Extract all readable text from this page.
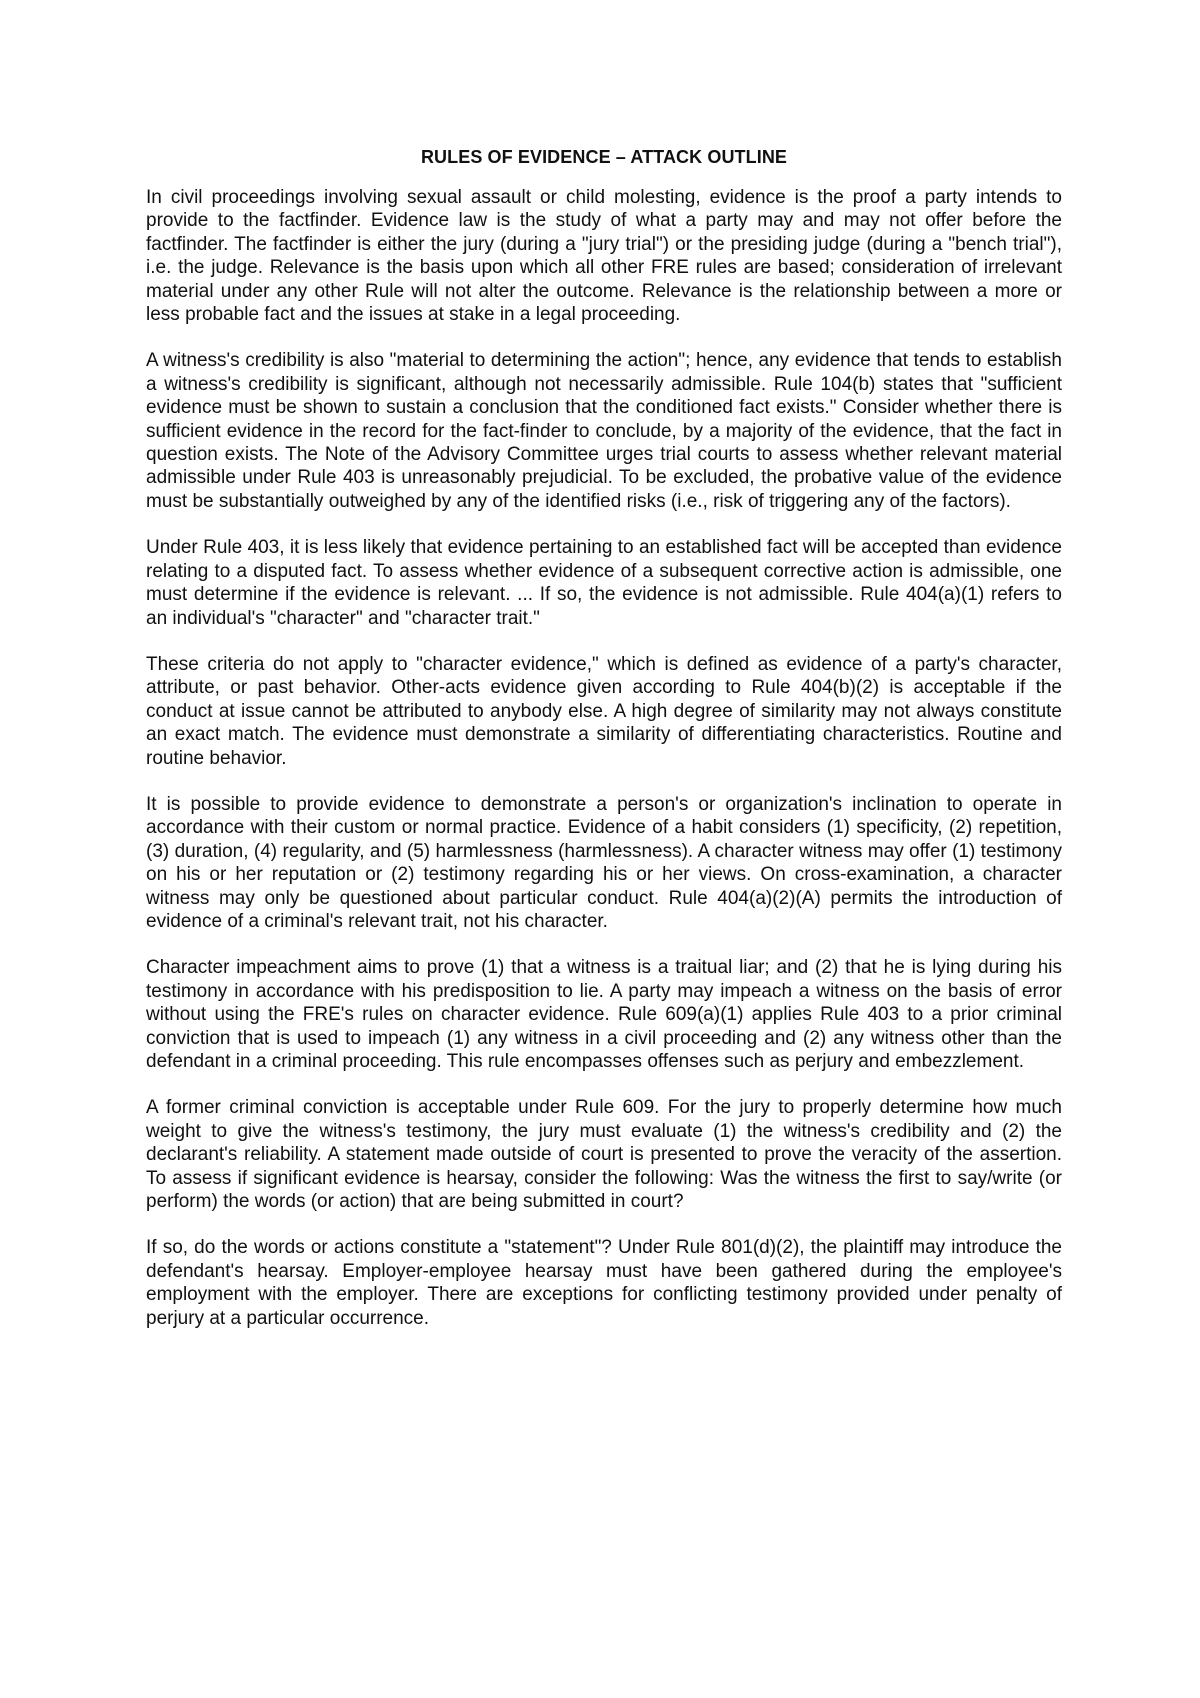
RULES OF EVIDENCE – ATTACK OUTLINE

In civil proceedings involving sexual assault or child molesting, evidence is the proof a party intends to provide to the factfinder. Evidence law is the study of what a party may and may not offer before the factfinder. The factfinder is either the jury (during a "jury trial") or the presiding judge (during a "bench trial"), i.e. the judge. Relevance is the basis upon which all other FRE rules are based; consideration of irrelevant material under any other Rule will not alter the outcome. Relevance is the relationship between a more or less probable fact and the issues at stake in a legal proceeding.

A witness's credibility is also "material to determining the action"; hence, any evidence that tends to establish a witness's credibility is significant, although not necessarily admissible. Rule 104(b) states that "sufficient evidence must be shown to sustain a conclusion that the conditioned fact exists." Consider whether there is sufficient evidence in the record for the fact-finder to conclude, by a majority of the evidence, that the fact in question exists. The Note of the Advisory Committee urges trial courts to assess whether relevant material admissible under Rule 403 is unreasonably prejudicial. To be excluded, the probative value of the evidence must be substantially outweighed by any of the identified risks (i.e., risk of triggering any of the factors).

Under Rule 403, it is less likely that evidence pertaining to an established fact will be accepted than evidence relating to a disputed fact. To assess whether evidence of a subsequent corrective action is admissible, one must determine if the evidence is relevant. ... If so, the evidence is not admissible. Rule 404(a)(1) refers to an individual's "character" and "character trait."

These criteria do not apply to "character evidence," which is defined as evidence of a party's character, attribute, or past behavior. Other-acts evidence given according to Rule 404(b)(2) is acceptable if the conduct at issue cannot be attributed to anybody else. A high degree of similarity may not always constitute an exact match. The evidence must demonstrate a similarity of differentiating characteristics. Routine and routine behavior.

It is possible to provide evidence to demonstrate a person's or organization's inclination to operate in accordance with their custom or normal practice. Evidence of a habit considers (1) specificity, (2) repetition, (3) duration, (4) regularity, and (5) harmlessness (harmlessness). A character witness may offer (1) testimony on his or her reputation or (2) testimony regarding his or her views. On cross-examination, a character witness may only be questioned about particular conduct. Rule 404(a)(2)(A) permits the introduction of evidence of a criminal's relevant trait, not his character.

Character impeachment aims to prove (1) that a witness is a traitual liar; and (2) that he is lying during his testimony in accordance with his predisposition to lie. A party may impeach a witness on the basis of error without using the FRE's rules on character evidence. Rule 609(a)(1) applies Rule 403 to a prior criminal conviction that is used to impeach (1) any witness in a civil proceeding and (2) any witness other than the defendant in a criminal proceeding. This rule encompasses offenses such as perjury and embezzlement.

A former criminal conviction is acceptable under Rule 609. For the jury to properly determine how much weight to give the witness's testimony, the jury must evaluate (1) the witness's credibility and (2) the declarant's reliability. A statement made outside of court is presented to prove the veracity of the assertion. To assess if significant evidence is hearsay, consider the following: Was the witness the first to say/write (or perform) the words (or action) that are being submitted in court?

If so, do the words or actions constitute a "statement"? Under Rule 801(d)(2), the plaintiff may introduce the defendant's hearsay. Employer-employee hearsay must have been gathered during the employee's employment with the employer. There are exceptions for conflicting testimony provided under penalty of perjury at a particular occurrence.
